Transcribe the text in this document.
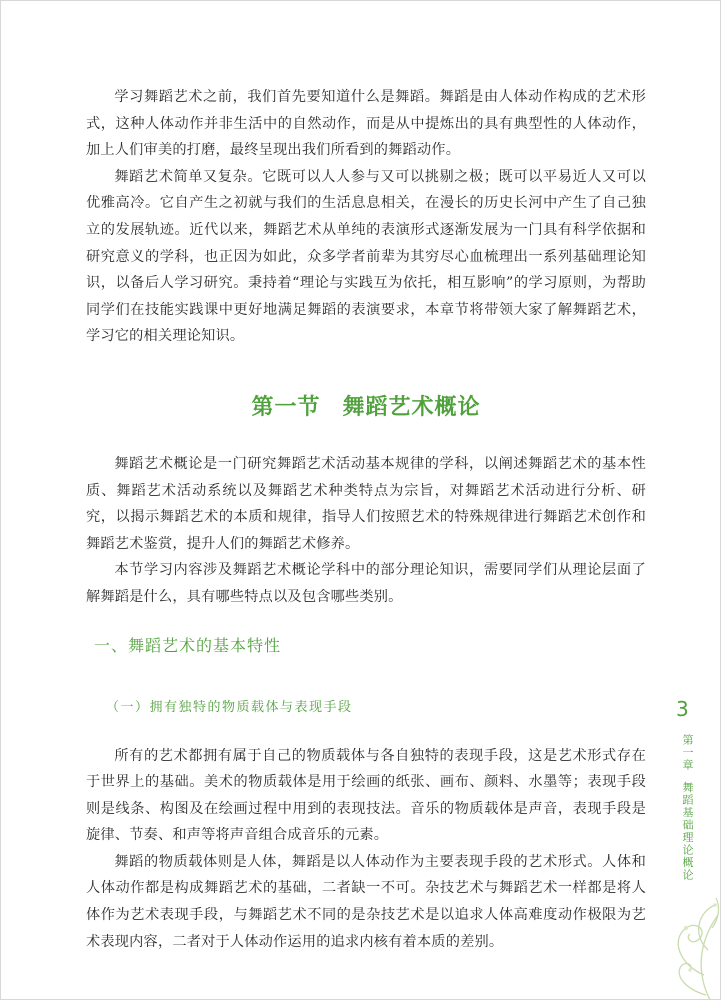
学习舞蹈艺术之前，我们首先要知道什么是舞蹈。舞蹈是由人体动作构成的艺术形式，这种人体动作并非生活中的自然动作，而是从中提炼出的具有典型性的人体动作，加上人们审美的打磨，最终呈现出我们所看到的舞蹈动作。

舞蹈艺术简单又复杂。它既可以人人参与又可以挑剔之极；既可以平易近人又可以优雅高冷。它自产生之初就与我们的生活息息相关，在漫长的历史长河中产生了自己独立的发展轨迹。近代以来，舞蹈艺术从单纯的表演形式逐渐发展为一门具有科学依据和研究意义的学科，也正因为如此，众多学者前辈为其穷尽心血梳理出一系列基础理论知识，以备后人学习研究。秉持着“理论与实践互为依托，相互影响”的学习原则，为帮助同学们在技能实践课中更好地满足舞蹈的表演要求，本章节将带领大家了解舞蹈艺术，学习它的相关理论知识。

第一节 舞蹈艺术概论

舞蹈艺术概论是一门研究舞蹈艺术活动基本规律的学科，以阐述舞蹈艺术的基本性质、舞蹈艺术活动系统以及舞蹈艺术种类特点为宗旨，对舞蹈艺术活动进行分析、研究，以揭示舞蹈艺术的本质和规律，指导人们按照艺术的特殊规律进行舞蹈艺术创作和舞蹈艺术鉴赏，提升人们的舞蹈艺术修养。

本节学习内容涉及舞蹈艺术概论学科中的部分理论知识，需要同学们从理论层面了解舞蹈是什么，具有哪些特点以及包含哪些类别。

一、舞蹈艺术的基本特性
（一）拥有独特的物质载体与表现手段

所有的艺术都拥有属于自己的物质载体与各自独特的表现手段，这是艺术形式存在于世界上的基础。美术的物质载体是用于绘画的纸张、画布、颜料、水墨等；表现手段则是线条、构图及在绘画过程中用到的表现技法。音乐的物质载体是声音，表现手段是旋律、节奏、和声等将声音组合成音乐的元素。

舞蹈的物质载体则是人体，舞蹈是以人体动作为主要表现手段的艺术形式。人体和人体动作都是构成舞蹈艺术的基础，二者缺一不可。杂技艺术与舞蹈艺术一样都是将人体作为艺术表现手段，与舞蹈艺术不同的是杂技艺术是以追求人体高难度动作极限为艺术表现内容，二者对于人体动作运用的追求内核有着本质的差别。

3
第一章舞蹈基础理论概论
